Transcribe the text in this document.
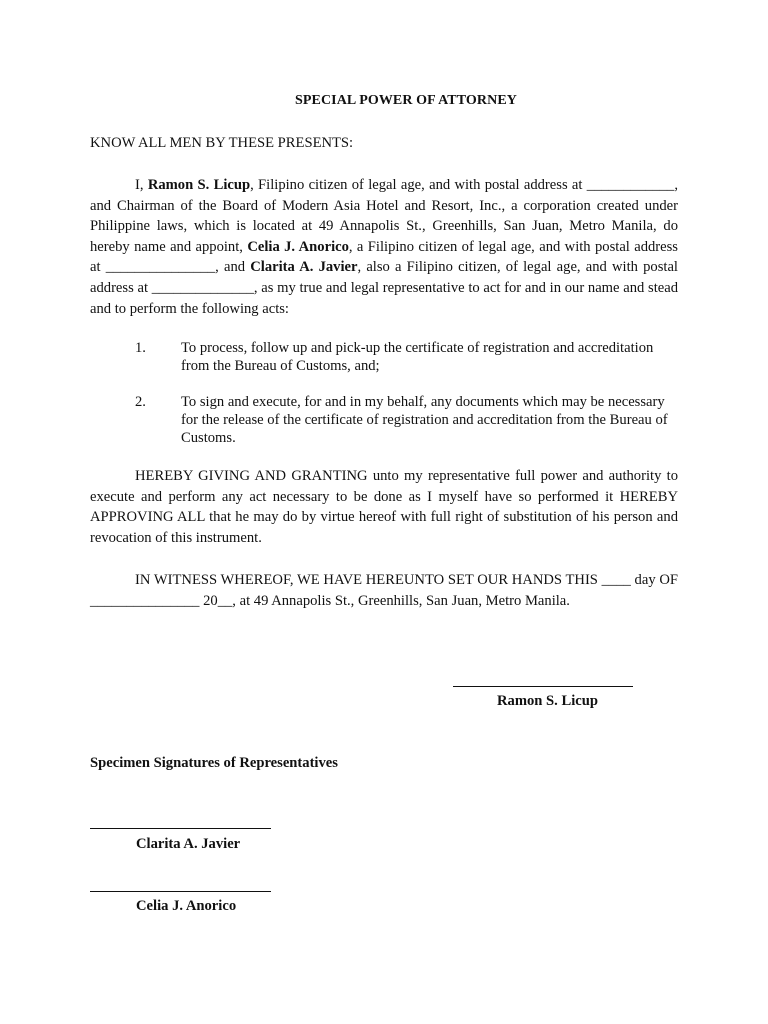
SPECIAL POWER OF ATTORNEY
KNOW ALL MEN BY THESE PRESENTS:
I, Ramon S. Licup, Filipino citizen of legal age, and with postal address at ____________, and Chairman of the Board of Modern Asia Hotel and Resort, Inc., a corporation created under Philippine laws, which is located at 49 Annapolis St., Greenhills, San Juan, Metro Manila, do hereby name and appoint, Celia J. Anorico, a Filipino citizen of legal age, and with postal address at _______________, and Clarita A. Javier, also a Filipino citizen, of legal age, and with postal address at ______________, as my true and legal representative to act for and in our name and stead and to perform the following acts:
1. To process, follow up and pick-up the certificate of registration and accreditation from the Bureau of Customs, and;
2. To sign and execute, for and in my behalf, any documents which may be necessary for the release of the certificate of registration and accreditation from the Bureau of Customs.
HEREBY GIVING AND GRANTING unto my representative full power and authority to execute and perform any act necessary to be done as I myself have so performed it HEREBY APPROVING ALL that he may do by virtue hereof with full right of substitution of his person and revocation of this instrument.
IN WITNESS WHEREOF, WE HAVE HEREUNTO SET OUR HANDS THIS ____ day OF _______________ 20__, at 49 Annapolis St., Greenhills, San Juan, Metro Manila.
Ramon S. Licup
Specimen Signatures of Representatives
Clarita A. Javier
Celia J. Anorico
